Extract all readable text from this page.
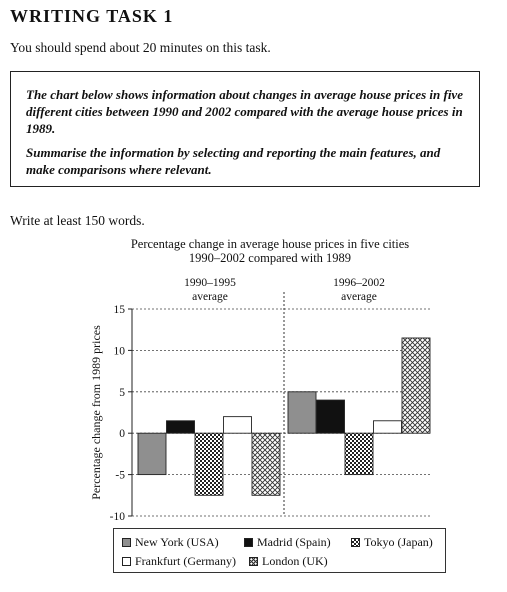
WRITING TASK 1

You should spend about 20 minutes on this task.

The chart below shows information about changes in average house prices in five different cities between 1990 and 2002 compared with the average house prices in 1989.

Summarise the information by selecting and reporting the main features, and make comparisons where relevant.

Write at least 150 words.

Percentage change in average house prices in five cities
1990–2002 compared with 1989
15
10
5
0
-5
-10
Percentage change from 1989 prices
1990–1995
average
1996–2002
average
New York (USA)	Madrid (Spain)	Tokyo (Japan)
Frankfurt (Germany) London (UK)
